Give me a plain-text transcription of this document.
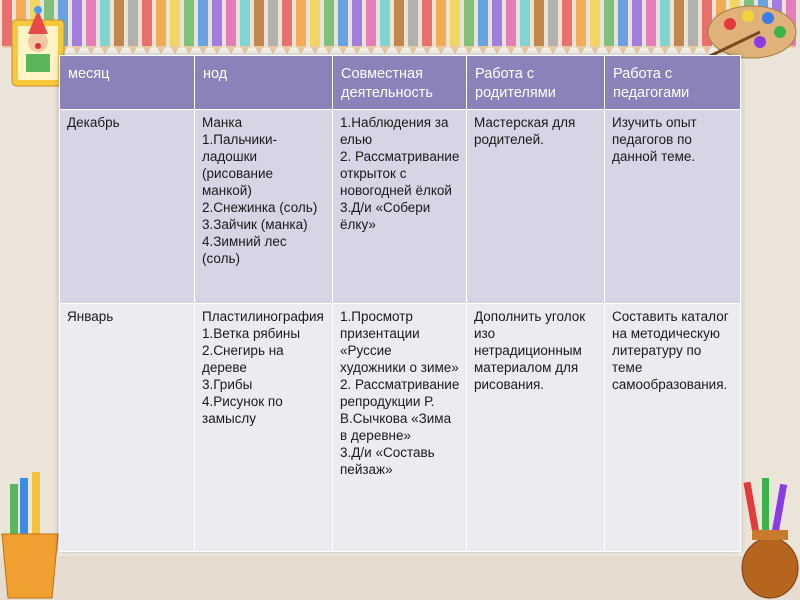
месяц	нод	Совместная деятельность	Работа с родителями	Работа с педагогами
Декабрь	Манка
1.Пальчики-ладошки (рисование манкой)
2.Снежинка (соль)
3.Зайчик (манка)
4.Зимний лес (соль)	1.Наблюдения за елью
2. Рассматривание открыток с новогодней ёлкой
3.Д/и «Собери ёлку»	Мастерская для родителей.	Изучить опыт педагогов по данной теме.
Январь	Пластилинография
1.Ветка рябины
2.Снегирь на дереве
3.Грибы
4.Рисунок по замыслу	1.Просмотр призентации «Русcие художники о зиме»
2. Рассматривание репродукции Р. В.Сычкова «Зима в деревне»
3.Д/и «Составь пейзаж»	Дополнить уголок изо нетрадиционным материалом для рисования.	Составить каталог на методическую литературу по теме самообразования.
